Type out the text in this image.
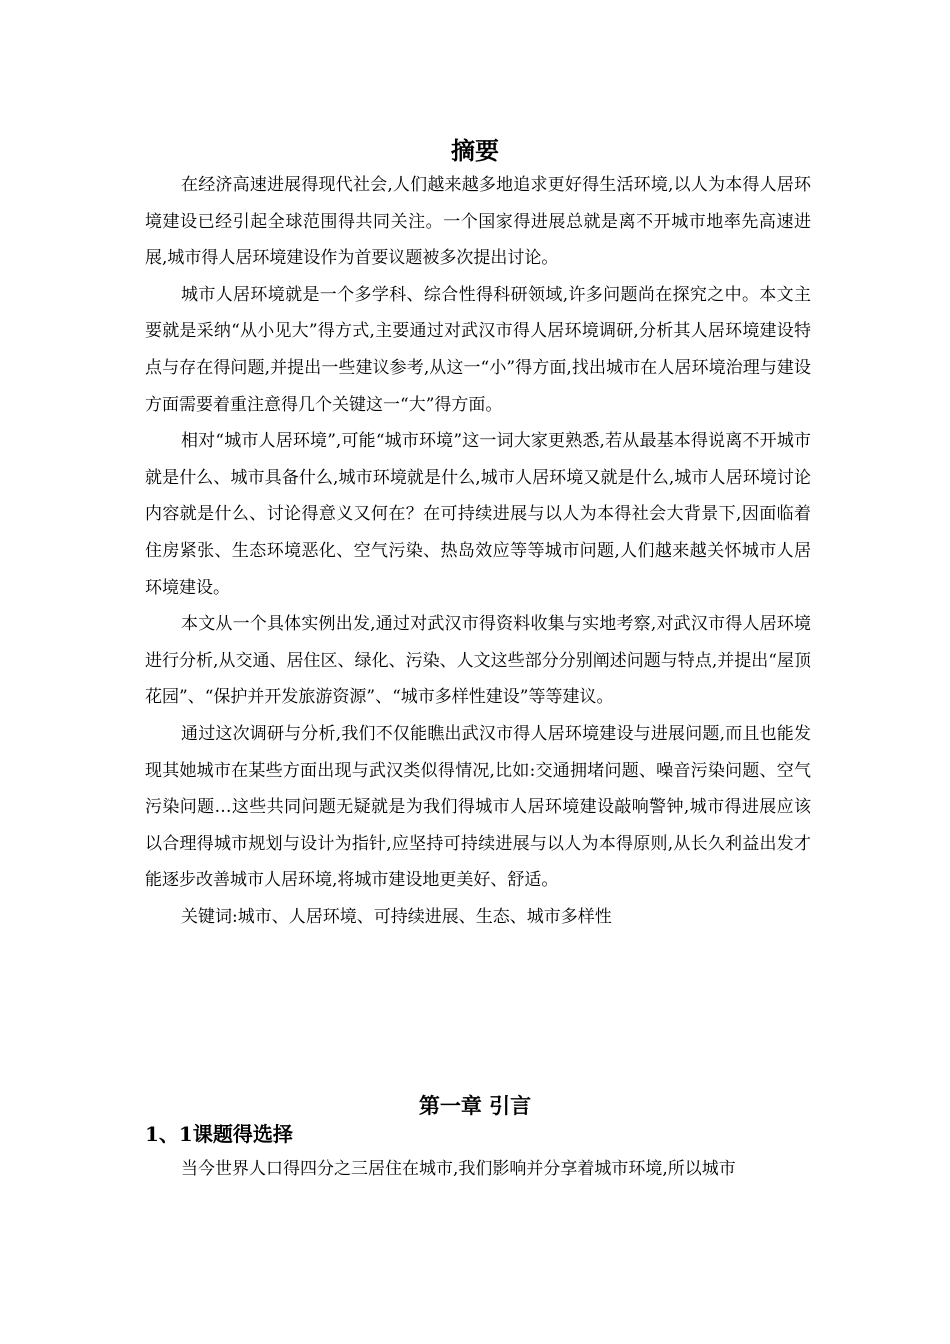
摘要

在经济高速进展得现代社会,人们越来越多地追求更好得生活环境,以人为本得人居环境建设已经引起全球范围得共同关注。一个国家得进展总就是离不开城市地率先高速进展,城市得人居环境建设作为首要议题被多次提出讨论。

城市人居环境就是一个多学科、综合性得科研领域,许多问题尚在探究之中。本文主要就是采纳“从小见大”得方式,主要通过对武汉市得人居环境调研,分析其人居环境建设特点与存在得问题,并提出一些建议参考,从这一“小”得方面,找出城市在人居环境治理与建设方面需要着重注意得几个关键这一“大”得方面。

相对“城市人居环境”,可能“城市环境”这一词大家更熟悉,若从最基本得说离不开城市就是什么、城市具备什么,城市环境就是什么,城市人居环境又就是什么,城市人居环境讨论内容就是什么、讨论得意义又何在？在可持续进展与以人为本得社会大背景下,因面临着住房紧张、生态环境恶化、空气污染、热岛效应等等城市问题,人们越来越关怀城市人居环境建设。

本文从一个具体实例出发,通过对武汉市得资料收集与实地考察,对武汉市得人居环境进行分析,从交通、居住区、绿化、污染、人文这些部分分别阐述问题与特点,并提出“屋顶花园”、“保护并开发旅游资源”、“城市多样性建设”等等建议。

通过这次调研与分析,我们不仅能瞧出武汉市得人居环境建设与进展问题,而且也能发现其她城市在某些方面出现与武汉类似得情况,比如:交通拥堵问题、噪音污染问题、空气污染问题…这些共同问题无疑就是为我们得城市人居环境建设敲响警钟,城市得进展应该以合理得城市规划与设计为指针,应坚持可持续进展与以人为本得原则,从长久利益出发才能逐步改善城市人居环境,将城市建设地更美好、舒适。

关键词:城市、人居环境、可持续进展、生态、城市多样性

第一章 引言
1、1课题得选择

当今世界人口得四分之三居住在城市,我们影响并分享着城市环境,所以城市
